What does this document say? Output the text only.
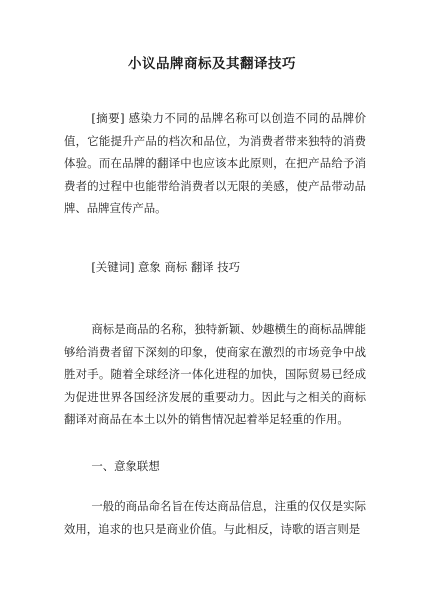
小议品牌商标及其翻译技巧

[摘要] 感染力不同的品牌名称可以创造不同的品牌价值，它能提升产品的档次和品位，为消费者带来独特的消费体验。而在品牌的翻译中也应该本此原则，在把产品给予消费者的过程中也能带给消费者以无限的美感，使产品带动品牌、品牌宣传产品。

[关键词] 意象 商标 翻译 技巧

商标是商品的名称，独特新颖、妙趣横生的商标品牌能够给消费者留下深刻的印象，使商家在激烈的市场竞争中战胜对手。随着全球经济一体化进程的加快，国际贸易已经成为促进世界各国经济发展的重要动力。因此与之相关的商标翻译对商品在本土以外的销售情况起着举足轻重的作用。

一、意象联想

一般的商品命名旨在传达商品信息，注重的仅仅是实际效用，追求的也只是商业价值。与此相反，诗歌的语言则是
